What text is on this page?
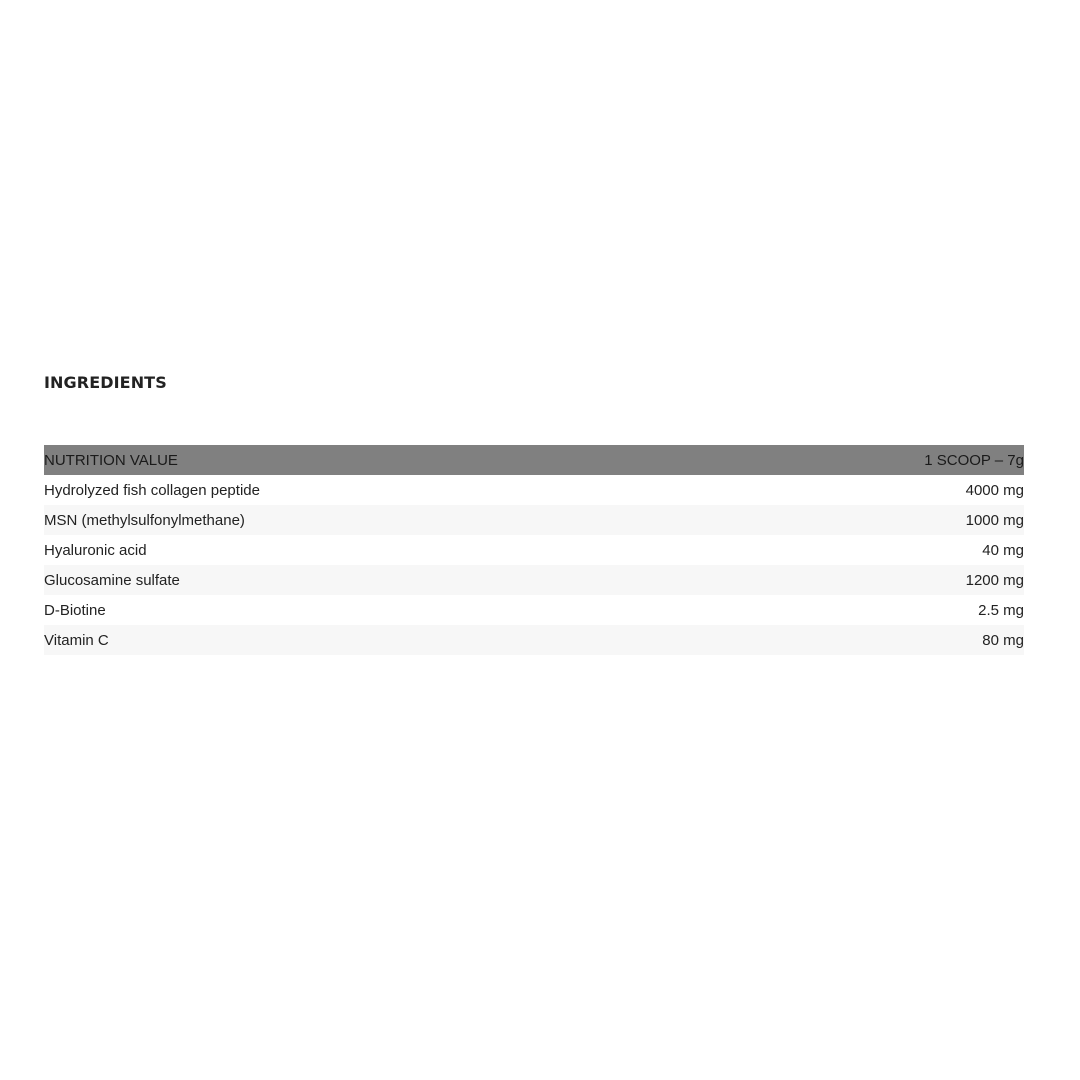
INGREDIENTS
NUTRITION VALUE	1 SCOOP – 7g
Hydrolyzed fish collagen peptide	4000 mg
MSN (methylsulfonylmethane)	1000 mg
Hyaluronic acid	40 mg
Glucosamine sulfate	1200 mg
D-Biotine	2.5 mg
Vitamin C	80 mg
